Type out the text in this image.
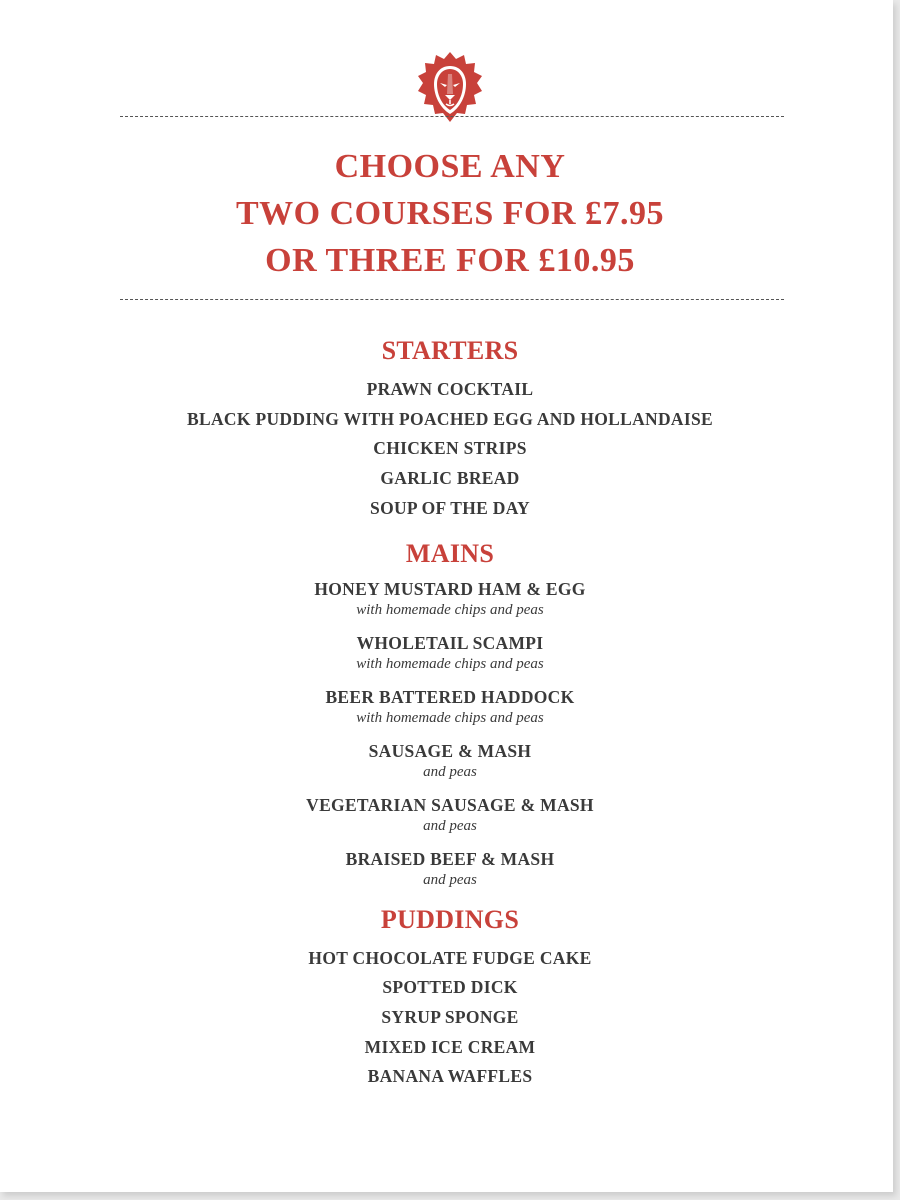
CHOOSE ANY
TWO COURSES FOR £7.95
OR THREE FOR £10.95
STARTERS
PRAWN COCKTAIL
BLACK PUDDING WITH POACHED EGG AND HOLLANDAISE
CHICKEN STRIPS
GARLIC BREAD
SOUP OF THE DAY
MAINS
HONEY MUSTARD HAM & EGG
with homemade chips and peas
WHOLETAIL SCAMPI
with homemade chips and peas
BEER BATTERED HADDOCK
with homemade chips and peas
SAUSAGE & MASH
and peas
VEGETARIAN SAUSAGE & MASH
and peas
BRAISED BEEF & MASH
and peas
PUDDINGS
HOT CHOCOLATE FUDGE CAKE
SPOTTED DICK
SYRUP SPONGE
MIXED ICE CREAM
BANANA WAFFLES
